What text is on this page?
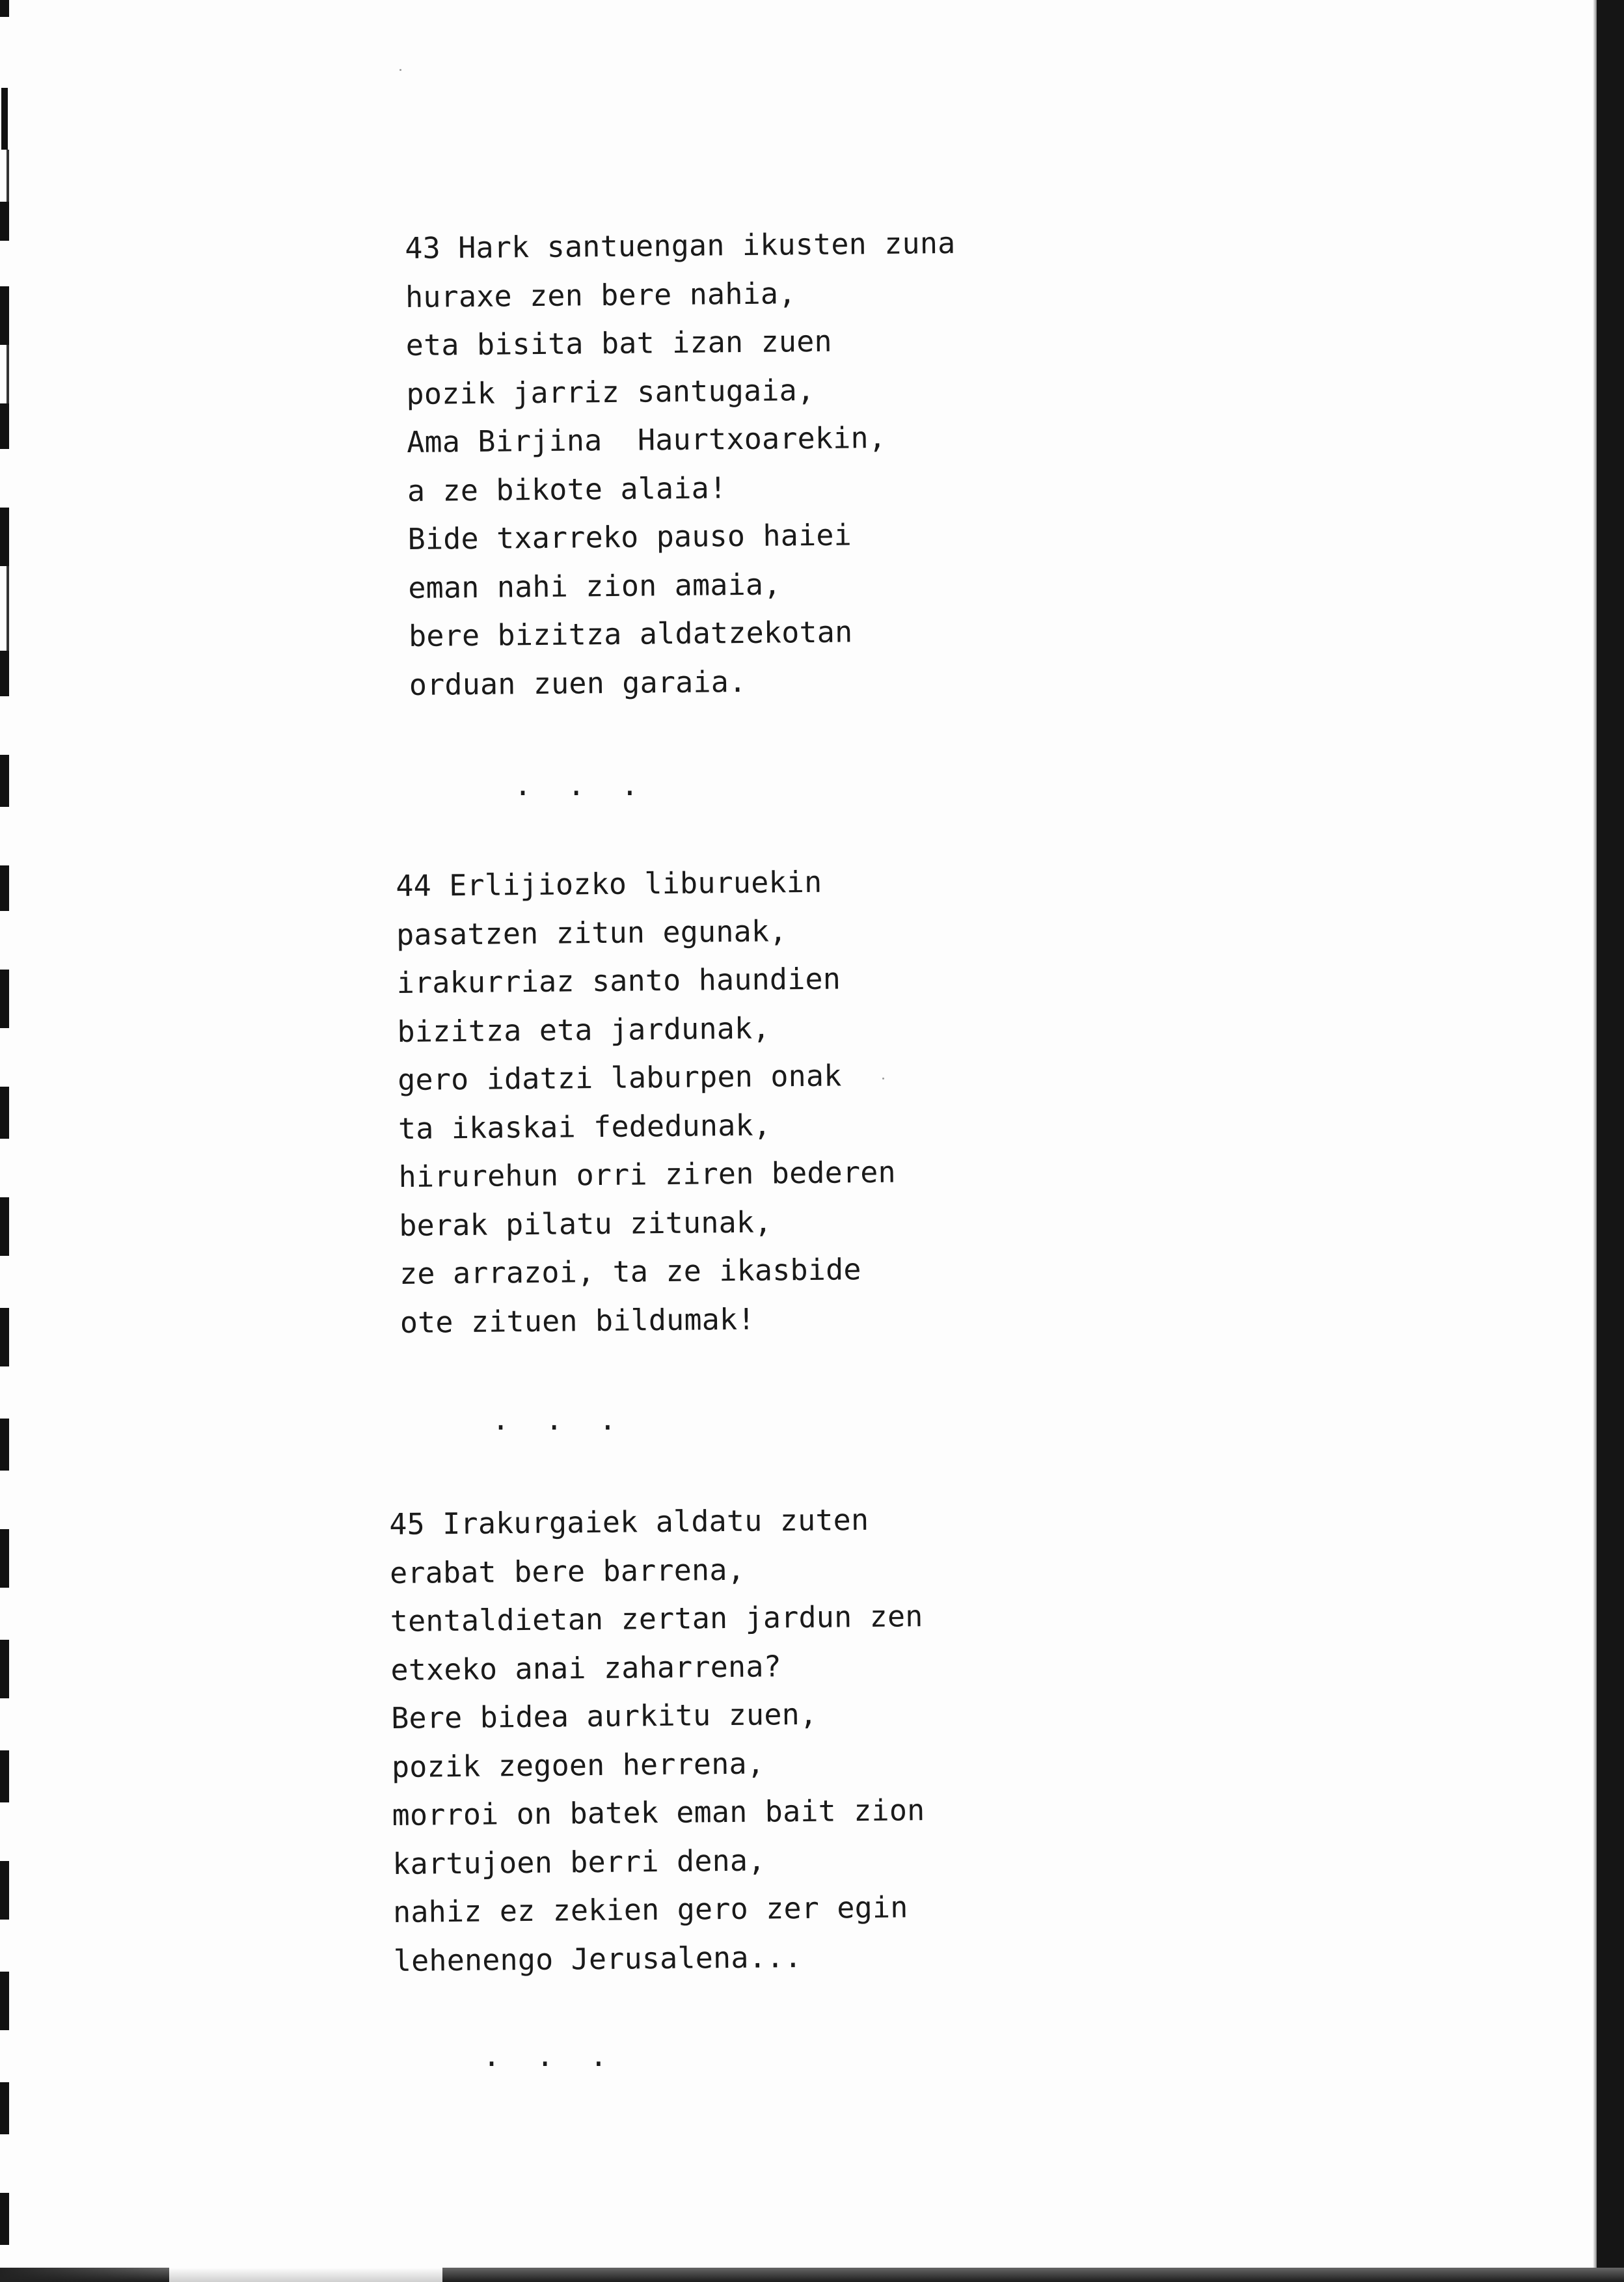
43 Hark santuengan ikusten zuna
huraxe zen bere nahia,
eta bisita bat izan zuen
pozik jarriz santugaia,
Ama Birjina  Haurtxoarekin,
a ze bikote alaia!
Bide txarreko pauso haiei
eman nahi zion amaia,
bere bizitza aldatzekotan
orduan zuen garaia.
. . .
44 Erlijiozko liburuekin
pasatzen zitun egunak,
irakurriaz santo haundien
bizitza eta jardunak,
gero idatzi laburpen onak
ta ikaskai fededunak,
hirurehun orri ziren bederen
berak pilatu zitunak,
ze arrazoi, ta ze ikasbide
ote zituen bildumak!
. . .
45 Irakurgaiek aldatu zuten
erabat bere barrena,
tentaldietan zertan jardun zen
etxeko anai zaharrena?
Bere bidea aurkitu zuen,
pozik zegoen herrena,
morroi on batek eman bait zion
kartujoen berri dena,
nahiz ez zekien gero zer egin
lehenengo Jerusalena...
. . .
